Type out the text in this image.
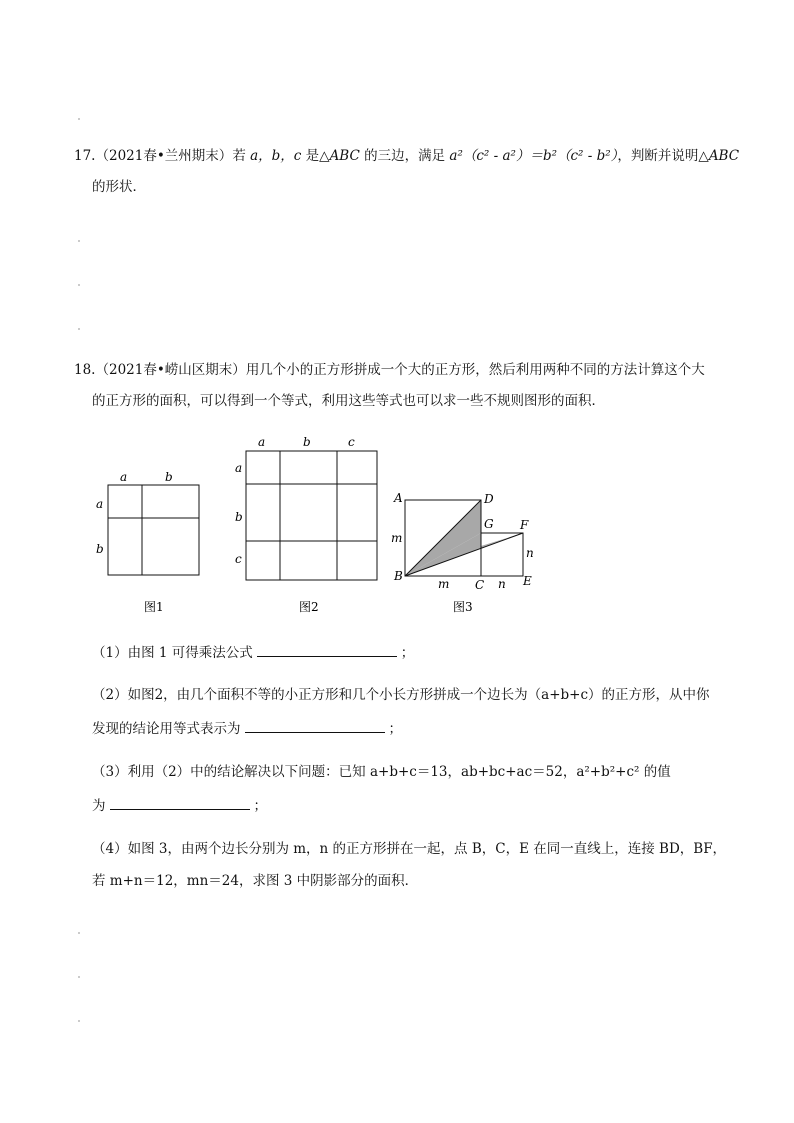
17.（2021春•兰州期末）若 a，b，c 是△ABC 的三边，满足 a²（c² - a²）＝b²（c² - b²），判断并说明△ABC
的形状．
18.（2021春•崂山区期末）用几个小的正方形拼成一个大的正方形，然后利用两种不同的方法计算这个大
的正方形的面积，可以得到一个等式，利用这些等式也可以求一些不规则图形的面积．
a	b
a
b
图1
a	b	c
a
b
c
图2
A	D
G F
m
n
B
m C n E
图3
（1）由图 1 可得乘法公式	；
（2）如图2，由几个面积不等的小正方形和几个小长方形拼成一个边长为（a+b+c）的正方形，从中你
发现的结论用等式表示为	；
（3）利用（2）中的结论解决以下问题：已知 a+b+c＝13，ab+bc+ac＝52，a²+b²+c² 的值
为	；
（4）如图 3，由两个边长分别为 m，n 的正方形拼在一起，点 B，C，E 在同一直线上，连接 BD，BF，
若 m+n＝12，mn＝24，求图 3 中阴影部分的面积．
